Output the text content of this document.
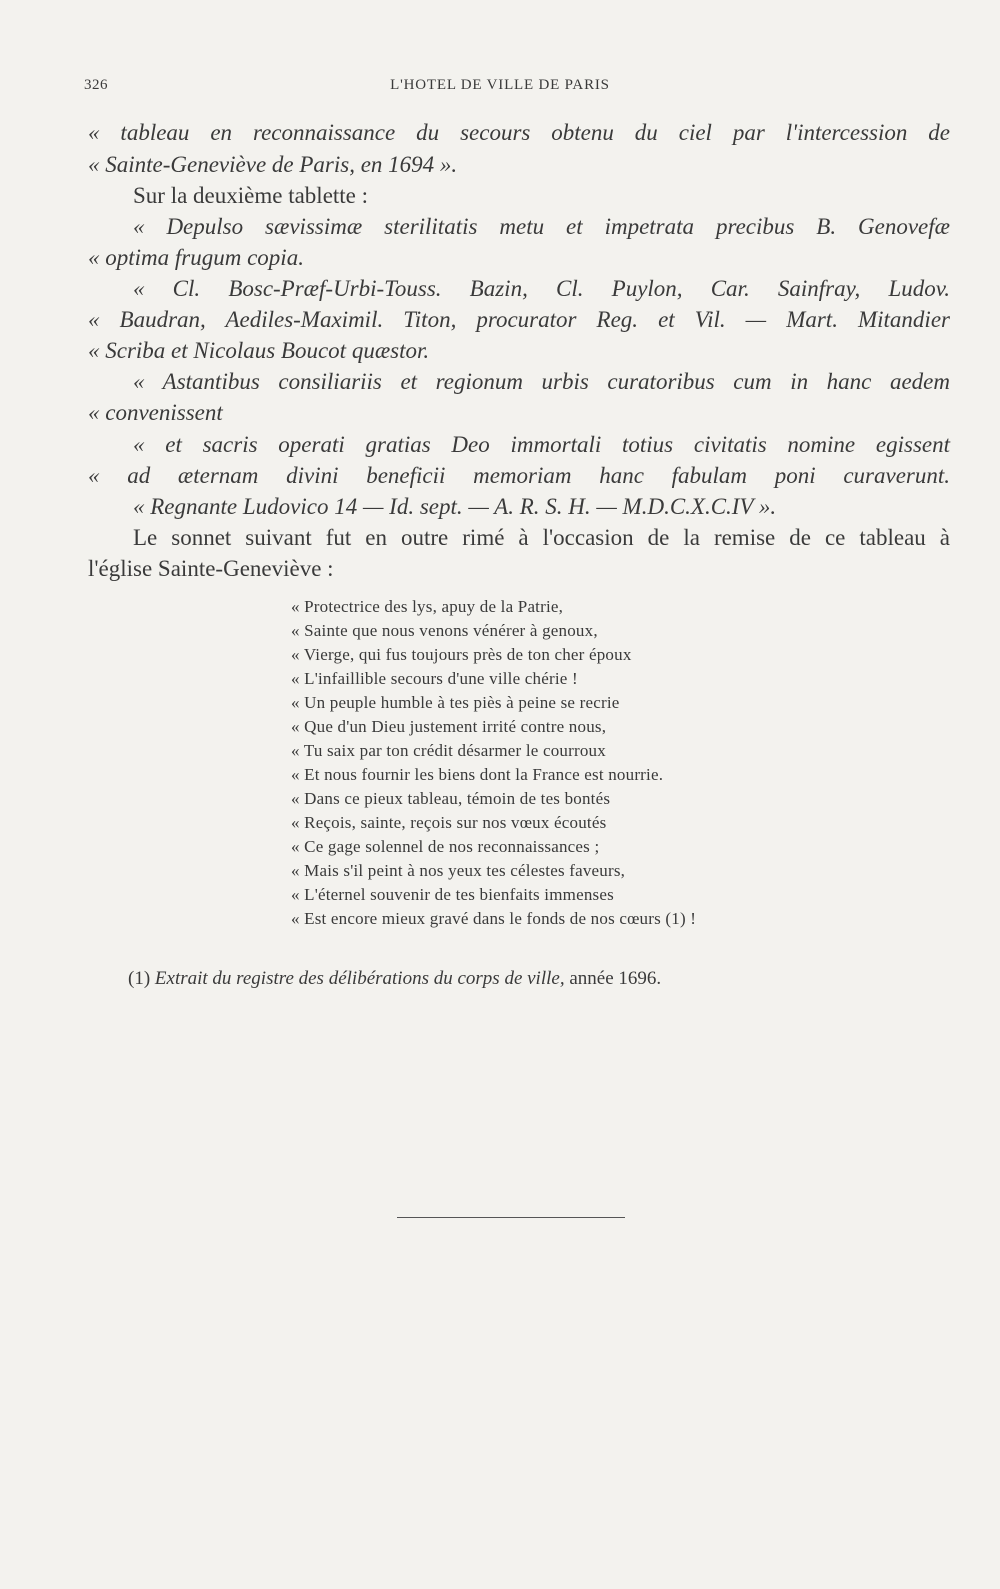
326	L'HOTEL DE VILLE DE PARIS
« tableau en reconnaissance du secours obtenu du ciel par l'intercession de
« Sainte-Geneviève de Paris, en 1694 ».
Sur la deuxième tablette :
« Depulso sævissimæ sterilitatis metu et impetrata precibus B. Genovefæ
« optima frugum copia.
« Cl. Bosc-Præf-Urbi-Touss. Bazin, Cl. Puylon, Car. Sainfray, Ludov.
« Baudran, Aediles-Maximil. Titon, procurator Reg. et Vil. — Mart. Mitandier
« Scriba et Nicolaus Boucot quæstor.
« Astantibus consiliariis et regionum urbis curatoribus cum in hanc aedem
« convenissent
« et sacris operati gratias Deo immortali totius civitatis nomine egissent
« ad æternam divini beneficii memoriam hanc fabulam poni curaverunt.
« Regnante Ludovico 14 — Id. sept. — A. R. S. H. — M.D.C.X.C.IV ».
Le sonnet suivant fut en outre rimé à l'occasion de la remise de ce tableau à
l'église Sainte-Geneviève :
« Protectrice des lys, apuy de la Patrie,
« Sainte que nous venons vénérer à genoux,
« Vierge, qui fus toujours près de ton cher époux
« L'infaillible secours d'une ville chérie !
« Un peuple humble à tes piès à peine se recrie
« Que d'un Dieu justement irrité contre nous,
« Tu saix par ton crédit désarmer le courroux
« Et nous fournir les biens dont la France est nourrie.
« Dans ce pieux tableau, témoin de tes bontés
« Reçois, sainte, reçois sur nos vœux écoutés
« Ce gage solennel de nos reconnaissances ;
« Mais s'il peint à nos yeux tes célestes faveurs,
« L'éternel souvenir de tes bienfaits immenses
« Est encore mieux gravé dans le fonds de nos cœurs (1) !
(1) Extrait du registre des délibérations du corps de ville, année 1696.
